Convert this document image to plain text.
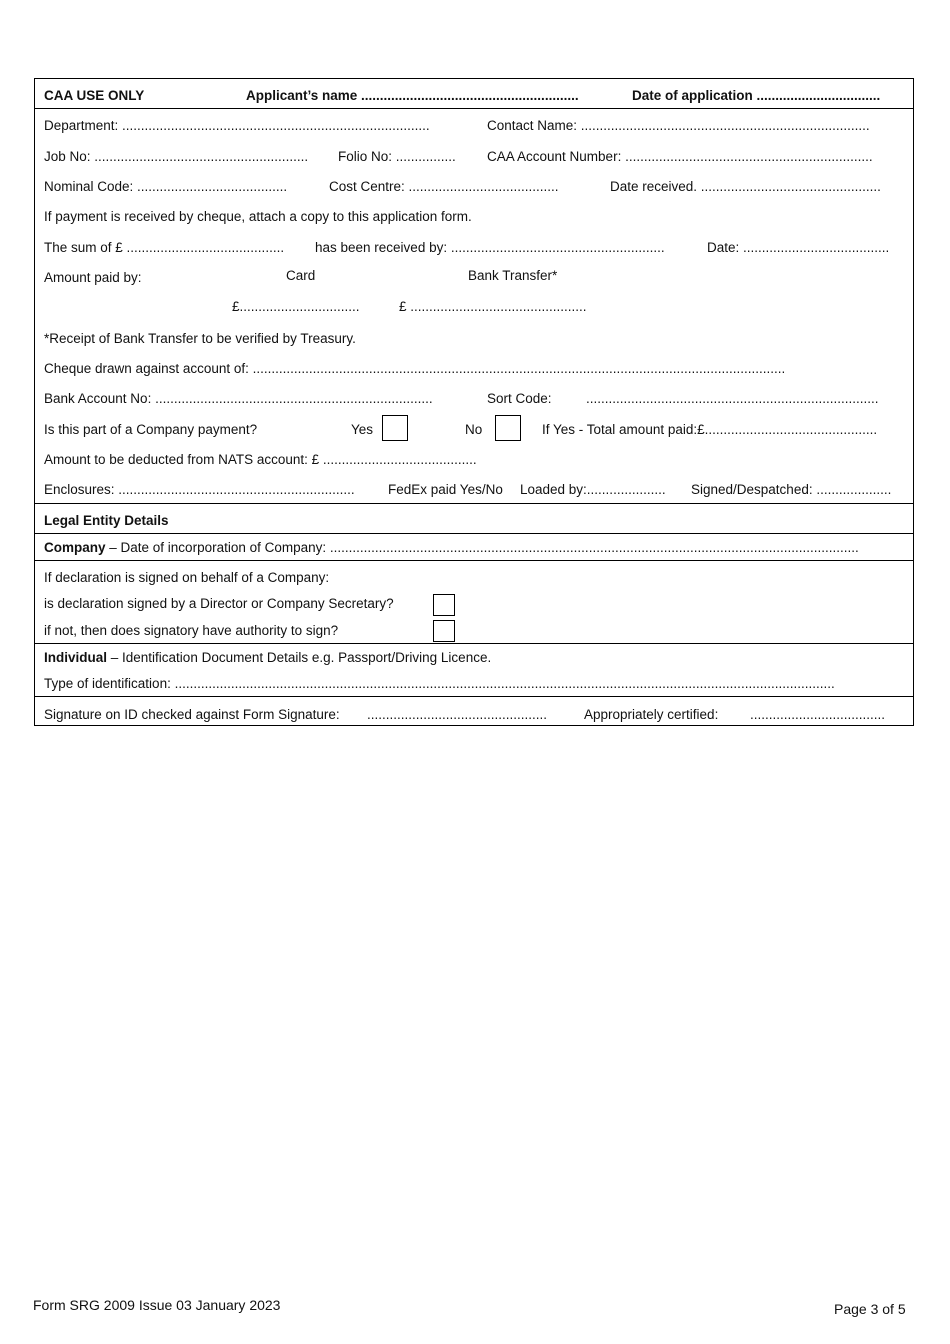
CAA USE ONLY	Applicant’s name ..........................................................	Date of application .................................
Department: ..................................................................................	Contact Name: .............................................................................
Job No: ......................................................... Folio No: ................ CAA Account Number: ..................................................................
Nominal Code: ........................................	Cost Centre: ........................................	Date received. ................................................
If payment is received by cheque, attach a copy to this application form.
The sum of £ .......................................... has been received by: .........................................................	Date: .......................................
Amount paid by:	Card	Bank Transfer*
£................................	£ ...............................................
*Receipt of Bank Transfer to be verified by Treasury.
Cheque drawn against account of: ..............................................................................................................................................
Bank Account No: ..........................................................................	Sort Code:	..............................................................................
Is this part of a Company payment?	Yes	No	If Yes - Total amount paid:£..............................................
Amount to be deducted from NATS account: £ .........................................
Enclosures: ............................................................... FedEx paid Yes/No Loaded by:..................... Signed/Despatched: ....................
Legal Entity Details
Company – Date of incorporation of Company: .............................................................................................................................................
If declaration is signed on behalf of a Company:
is declaration signed by a Director or Company Secretary?
if not, then does signatory have authority to sign?
Individual – Identification Document Details e.g. Passport/Driving Licence.
Type of identification: ................................................................................................................................................................................
Signature on ID checked against Form Signature: ................................................	Appropriately certified: ....................................
Form SRG 2009 Issue 03 January 2023	Page 3 of 5
